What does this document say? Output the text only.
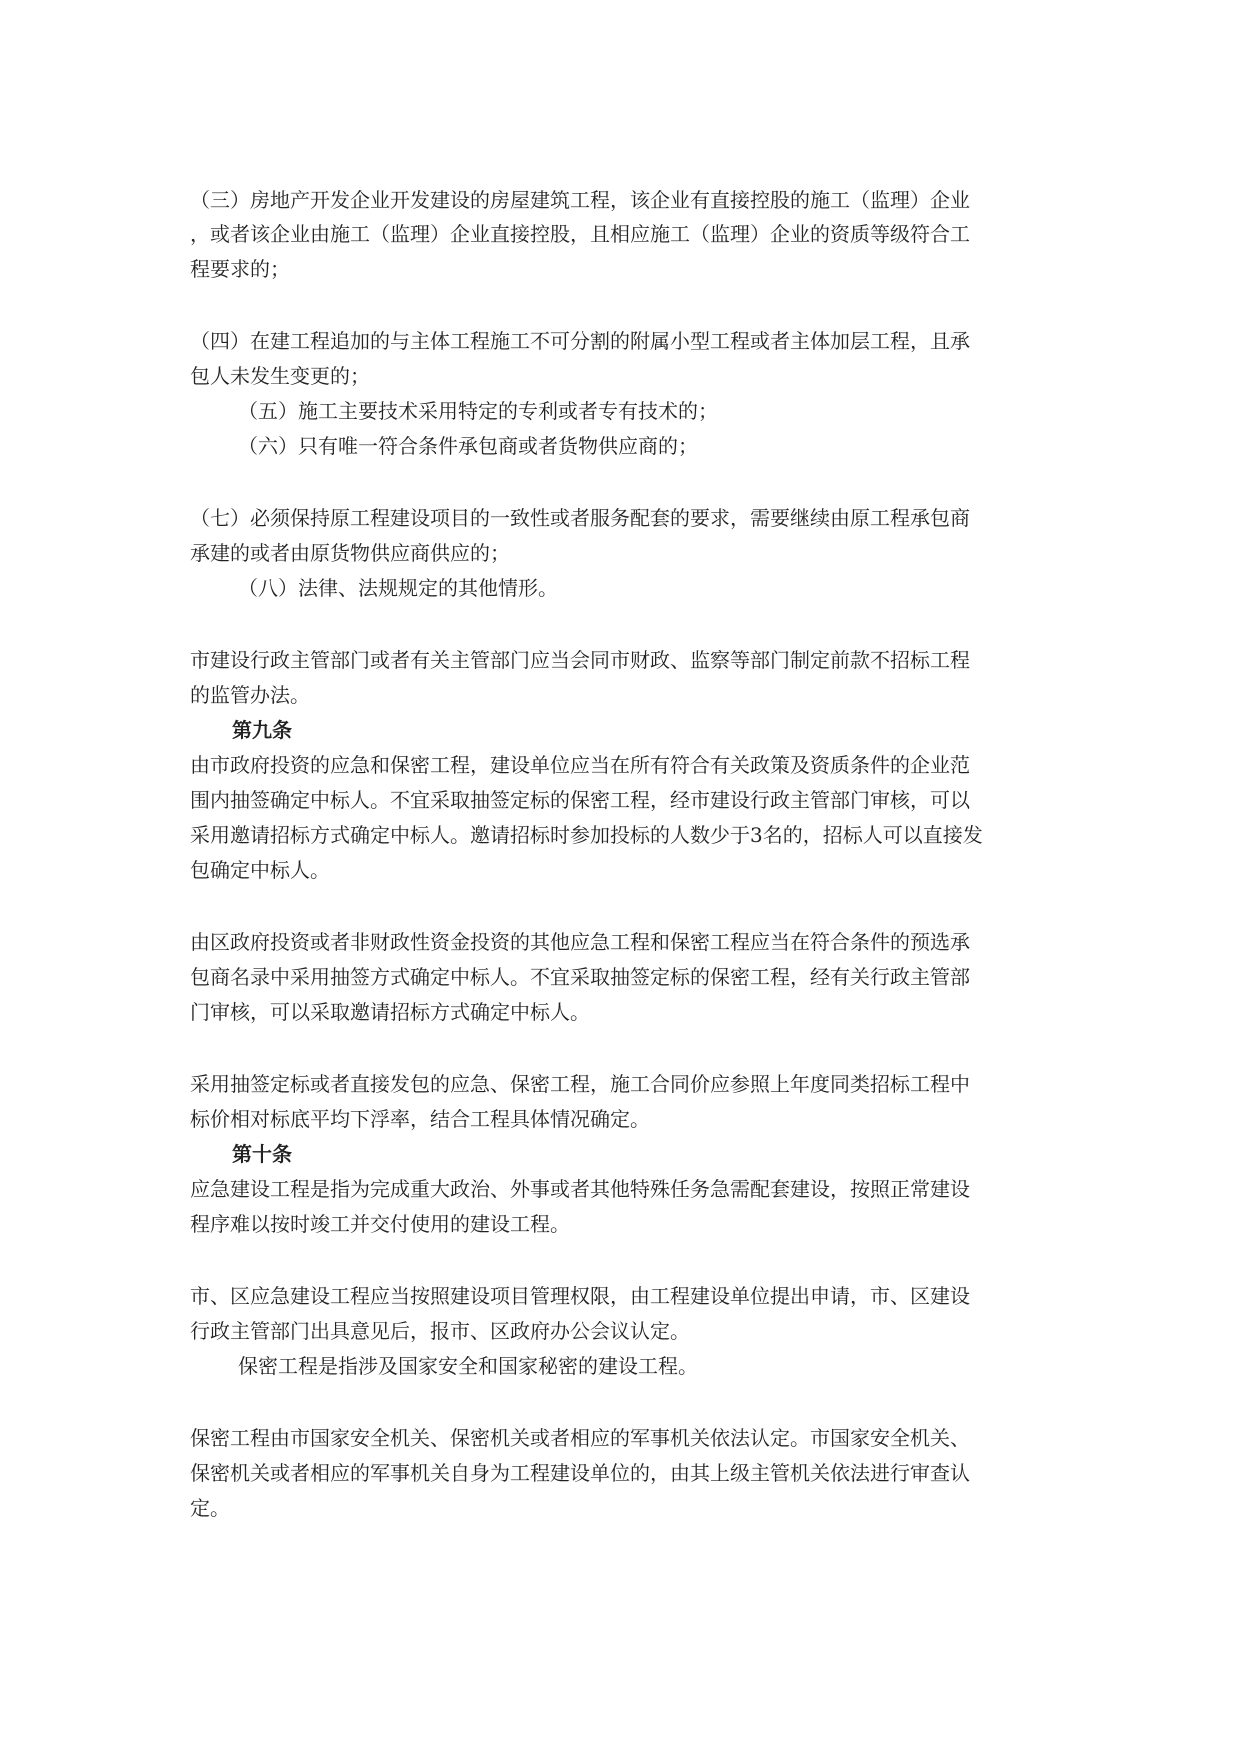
（三）房地产开发企业开发建设的房屋建筑工程，该企业有直接控股的施工（监理）企业

，或者该企业由施工（监理）企业直接控股，且相应施工（监理）企业的资质等级符合工

程要求的；

（四）在建工程追加的与主体工程施工不可分割的附属小型工程或者主体加层工程，且承

包人未发生变更的；

（五）施工主要技术采用特定的专利或者专有技术的；

（六）只有唯一符合条件承包商或者货物供应商的；

（七）必须保持原工程建设项目的一致性或者服务配套的要求，需要继续由原工程承包商

承建的或者由原货物供应商供应的；

（八）法律、法规规定的其他情形。

市建设行政主管部门或者有关主管部门应当会同市财政、监察等部门制定前款不招标工程

的监管办法。

第九条

由市政府投资的应急和保密工程，建设单位应当在所有符合有关政策及资质条件的企业范

围内抽签确定中标人。不宜采取抽签定标的保密工程，经市建设行政主管部门审核，可以

采用邀请招标方式确定中标人。邀请招标时参加投标的人数少于3名的，招标人可以直接发

包确定中标人。

由区政府投资或者非财政性资金投资的其他应急工程和保密工程应当在符合条件的预选承

包商名录中采用抽签方式确定中标人。不宜采取抽签定标的保密工程，经有关行政主管部

门审核，可以采取邀请招标方式确定中标人。

采用抽签定标或者直接发包的应急、保密工程，施工合同价应参照上年度同类招标工程中

标价相对标底平均下浮率，结合工程具体情况确定。

第十条

应急建设工程是指为完成重大政治、外事或者其他特殊任务急需配套建设，按照正常建设

程序难以按时竣工并交付使用的建设工程。

市、区应急建设工程应当按照建设项目管理权限，由工程建设单位提出申请，市、区建设

行政主管部门出具意见后，报市、区政府办公会议认定。

保密工程是指涉及国家安全和国家秘密的建设工程。

保密工程由市国家安全机关、保密机关或者相应的军事机关依法认定。市国家安全机关、

保密机关或者相应的军事机关自身为工程建设单位的，由其上级主管机关依法进行审查认

定。
